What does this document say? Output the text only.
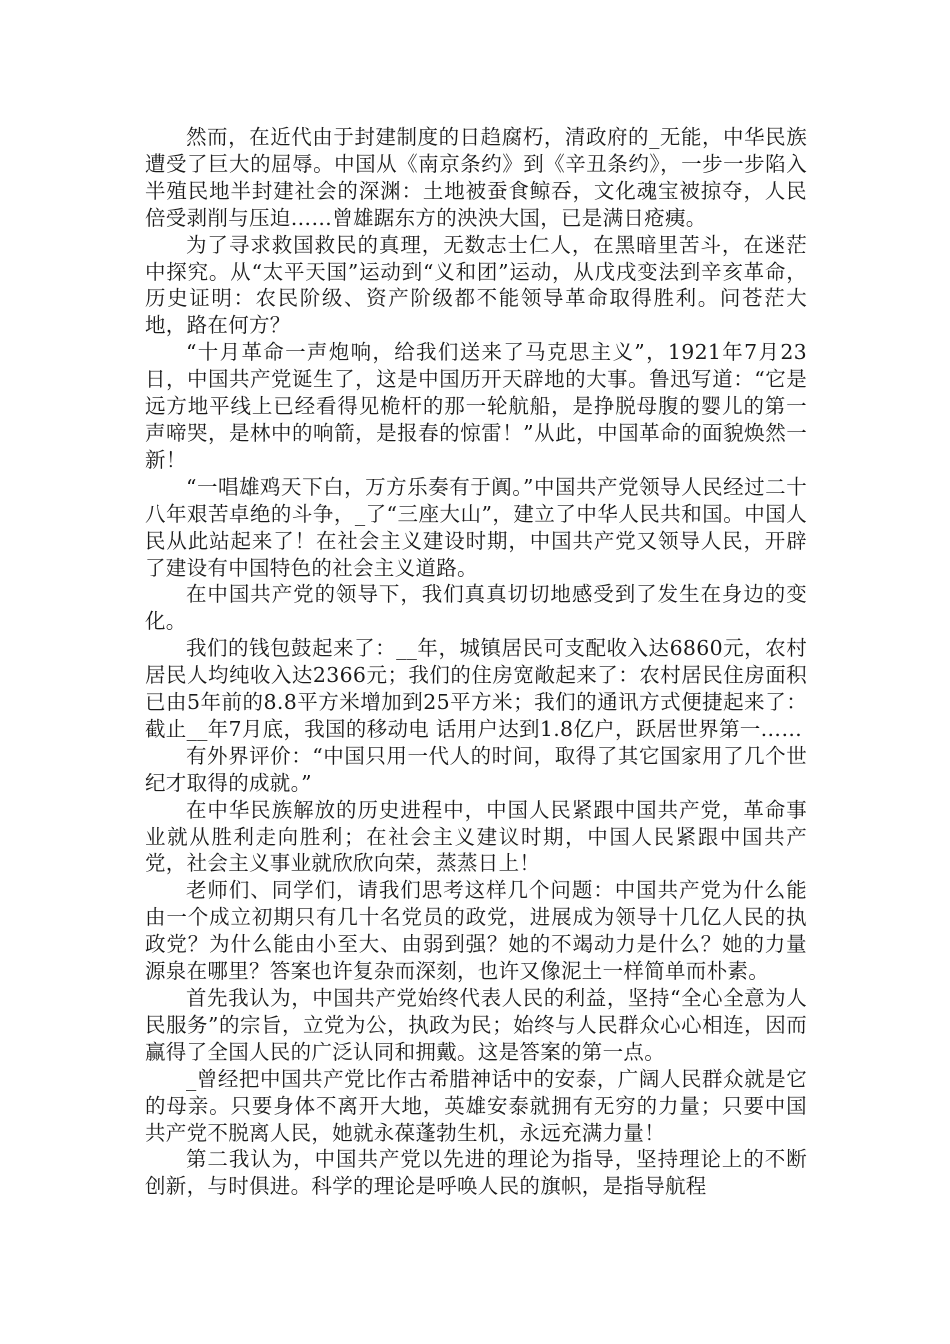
然而，在近代由于封建制度的日趋腐朽，清政府的_无能，中华民族遭受了巨大的屈辱。中国从《南京条约》到《辛丑条约》，一步一步陷入半殖民地半封建社会的深渊：土地被蚕食鲸吞，文化魂宝被掠夺，人民倍受剥削与压迫……曾雄踞东方的泱泱大国，已是满日疮痍。

为了寻求救国救民的真理，无数志士仁人，在黑暗里苦斗，在迷茫中探究。从“太平天国”运动到“义和团”运动，从戊戌变法到辛亥革命，历史证明：农民阶级、资产阶级都不能领导革命取得胜利。问苍茫大地，路在何方？

“十月革命一声炮响，给我们送来了马克思主义”，1921年7月23日，中国共产党诞生了，这是中国历开天辟地的大事。鲁迅写道：“它是远方地平线上已经看得见桅杆的那一轮航船，是挣脱母腹的婴儿的第一声啼哭，是林中的响箭，是报春的惊雷！”从此，中国革命的面貌焕然一新！

“一唱雄鸡天下白，万方乐奏有于阗。”中国共产党领导人民经过二十八年艰苦卓绝的斗争，_了“三座大山”，建立了中华人民共和国。中国人民从此站起来了！在社会主义建设时期，中国共产党又领导人民，开辟了建设有中国特色的社会主义道路。

在中国共产党的领导下，我们真真切切地感受到了发生在身边的变化。

我们的钱包鼓起来了：__年，城镇居民可支配收入达6860元，农村居民人均纯收入达2366元；我们的住房宽敞起来了：农村居民住房面积已由5年前的8.8平方米增加到25平方米；我们的通讯方式便捷起来了：截止__年7月底，我国的移动电 话用户达到1.8亿户，跃居世界第一……

有外界评价：“中国只用一代人的时间，取得了其它国家用了几个世纪才取得的成就。”

在中华民族解放的历史进程中，中国人民紧跟中国共产党，革命事业就从胜利走向胜利；在社会主义建议时期，中国人民紧跟中国共产党，社会主义事业就欣欣向荣，蒸蒸日上！

老师们、同学们，请我们思考这样几个问题：中国共产党为什么能由一个成立初期只有几十名党员的政党，进展成为领导十几亿人民的执政党？为什么能由小至大、由弱到强？她的不竭动力是什么？她的力量源泉在哪里？答案也许复杂而深刻，也许又像泥土一样简单而朴素。

首先我认为，中国共产党始终代表人民的利益，坚持“全心全意为人民服务”的宗旨，立党为公，执政为民；始终与人民群众心心相连，因而赢得了全国人民的广泛认同和拥戴。这是答案的第一点。

_曾经把中国共产党比作古希腊神话中的安泰，广阔人民群众就是它的母亲。只要身体不离开大地，英雄安泰就拥有无穷的力量；只要中国共产党不脱离人民，她就永葆蓬勃生机，永远充满力量！

第二我认为，中国共产党以先进的理论为指导，坚持理论上的不断创新，与时俱进。科学的理论是呼唤人民的旗帜，是指导航程
